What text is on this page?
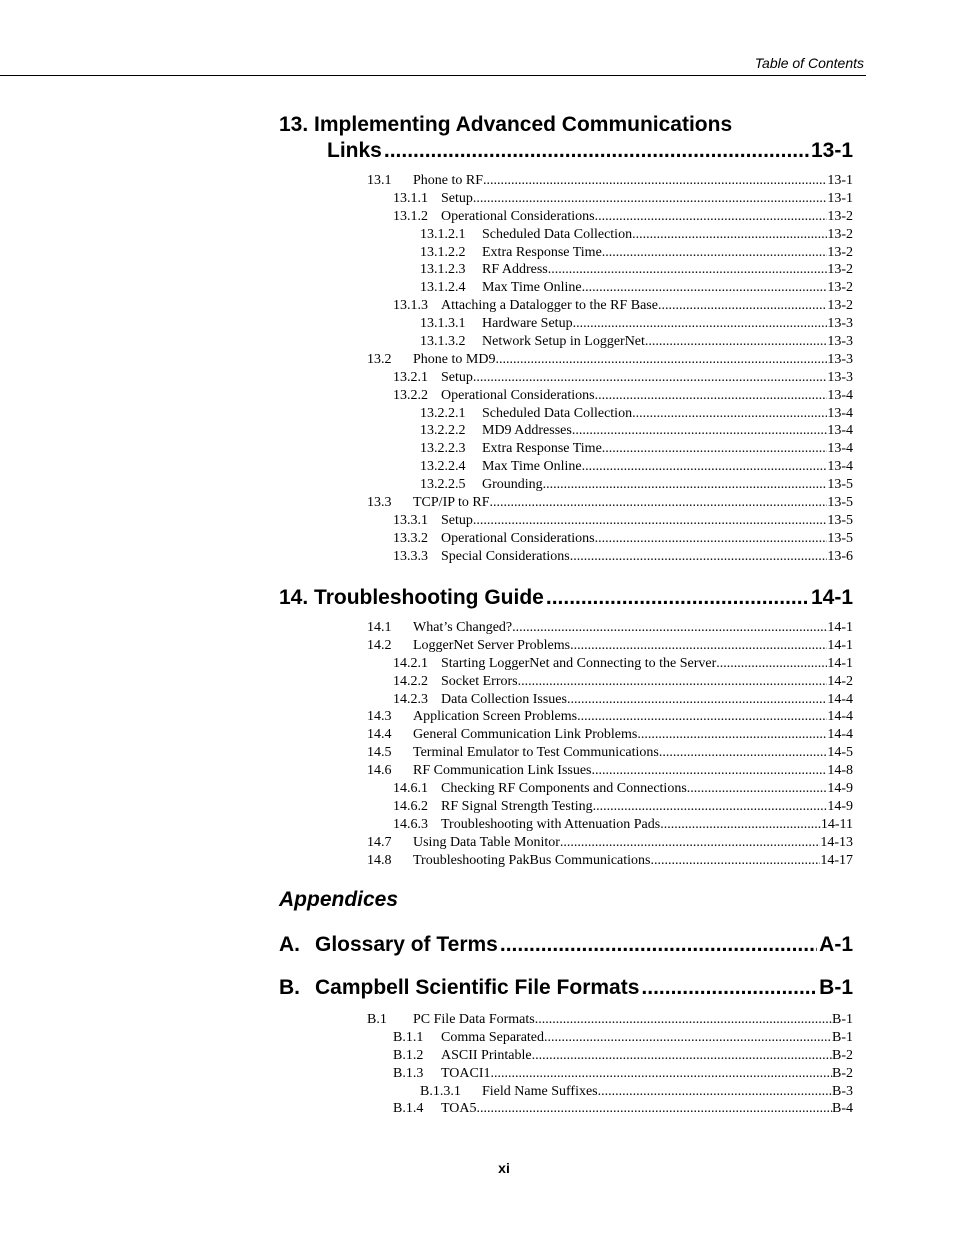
Table of Contents
13. Implementing Advanced Communications
Links .....	13-1
13.1	Phone to RF .....	13-1
13.1.1 Setup .....	13-1
13.1.2 Operational Considerations .....	13-2
13.1.2.1	Scheduled Data Collection .....	13-2
13.1.2.2	Extra Response Time .....	13-2
13.1.2.3	RF Address .....	13-2
13.1.2.4	Max Time Online .....	13-2
13.1.3 Attaching a Datalogger to the RF Base .....	13-2
13.1.3.1	Hardware Setup .....	13-3
13.1.3.2	Network Setup in LoggerNet .....	13-3
13.2	Phone to MD9 .....	13-3
13.2.1 Setup .....	13-3
13.2.2 Operational Considerations .....	13-4
13.2.2.1	Scheduled Data Collection .....	13-4
13.2.2.2	MD9 Addresses .....	13-4
13.2.2.3	Extra Response Time .....	13-4
13.2.2.4	Max Time Online .....	13-4
13.2.2.5	Grounding .....	13-5
13.3	TCP/IP to RF .....	13-5
13.3.1 Setup .....	13-5
13.3.2 Operational Considerations .....	13-5
13.3.3 Special Considerations .....	13-6
14. Troubleshooting Guide .....	14-1
14.1	What’s Changed? .....	14-1
14.2	LoggerNet Server Problems .....	14-1
14.2.1 Starting LoggerNet and Connecting to the Server .....	14-1
14.2.2 Socket Errors .....	14-2
14.2.3 Data Collection Issues .....	14-4
14.3	Application Screen Problems .....	14-4
14.4	General Communication Link Problems .....	14-4
14.5	Terminal Emulator to Test Communications .....	14-5
14.6	RF Communication Link Issues .....	14-8
14.6.1 Checking RF Components and Connections .....	14-9
14.6.2 RF Signal Strength Testing .....	14-9
14.6.3 Troubleshooting with Attenuation Pads .....	14-11
14.7	Using Data Table Monitor .....	14-13
14.8	Troubleshooting PakBus Communications .....	14-17
Appendices
A. Glossary of Terms .....	A-1
B. Campbell Scientific File Formats .....	B-1
B.1	PC File Data Formats .....	B-1
B.1.1	Comma Separated .....	B-1
B.1.2	ASCII Printable .....	B-2
B.1.3	TOACI1 .....	B-2
B.1.3.1	Field Name Suffixes .....	B-3
B.1.4	TOA5 .....	B-4
xi
